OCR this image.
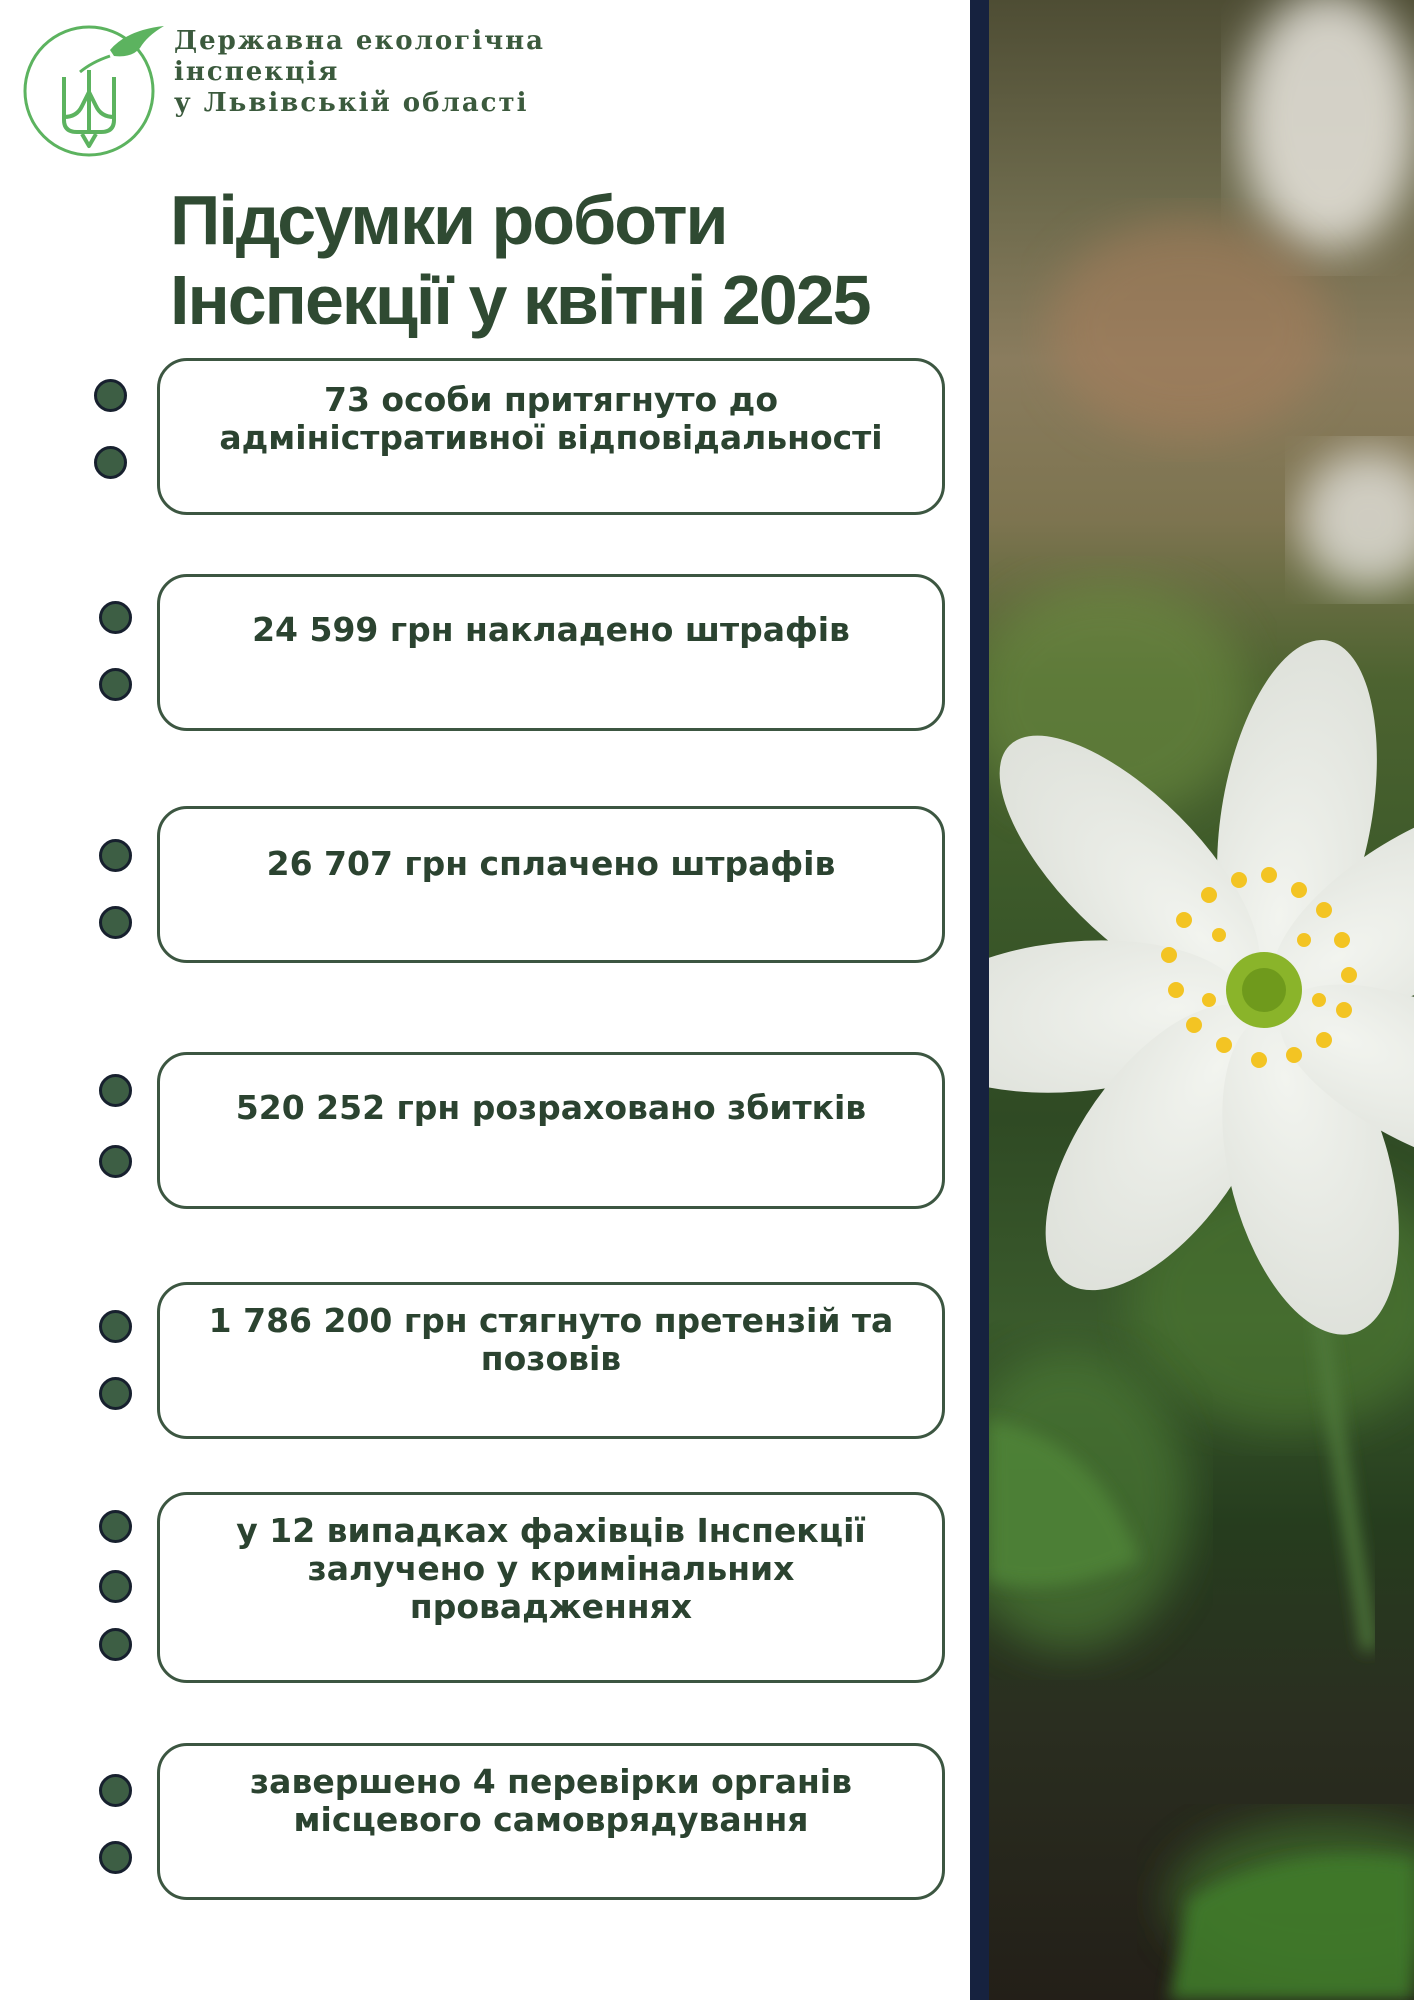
Державна екологічна
інспекція
у Львівській області
Підсумки роботи
Інспекції у квітні 2025
73 особи притягнуто до
адміністративної відповідальності
24 599 грн накладено штрафів
26 707 грн сплачено штрафів
520 252 грн розраховано збитків
1 786 200 грн стягнуто претензій та
позовів
у 12 випадках фахівців Інспекції
залучено у кримінальних
провадженнях
завершено 4 перевірки органів
місцевого самоврядування
